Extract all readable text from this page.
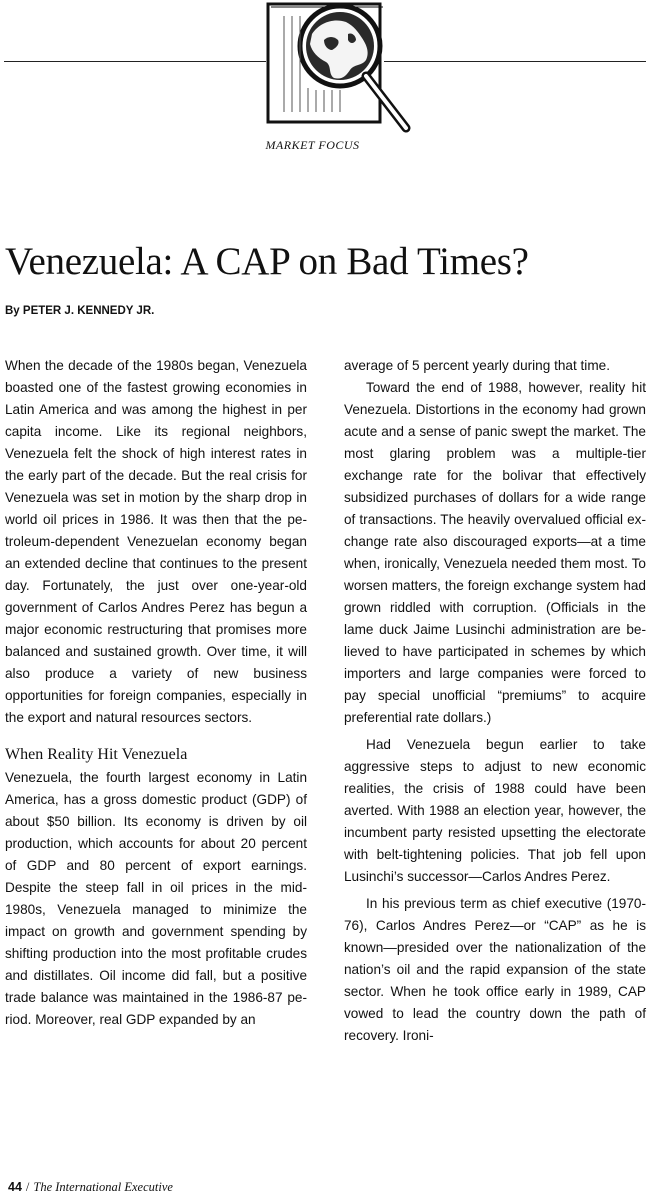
MARKET FOCUS
Venezuela: A CAP on Bad Times?
By PETER J. KENNEDY JR.

When the decade of the 1980s began, Venezuela boasted one of the fastest growing economies in Latin America and was among the highest in per capita income. Like its regional neighbors, Venezuela felt the shock of high interest rates in the early part of the decade. But the real crisis for Venezuela was set in motion by the sharp drop in world oil prices in 1986. It was then that the petroleum-dependent Venezuelan economy began an extended decline that continues to the present day. Fortunately, the just over one-year-old government of Carlos Andres Perez has begun a major economic restructuring that promises more balanced and sustained growth. Over time, it will also produce a variety of new business opportunities for foreign companies, especially in the export and natural resources sectors.

When Reality Hit Venezuela

Venezuela, the fourth largest economy in Latin America, has a gross domestic product (GDP) of about $50 billion. Its economy is driven by oil production, which accounts for about 20 percent of GDP and 80 percent of export earnings. Despite the steep fall in oil prices in the mid-1980s, Venezuela managed to minimize the impact on growth and government spending by shifting production into the most profitable crudes and distillates. Oil income did fall, but a positive trade balance was maintained in the 1986-87 period. Moreover, real GDP expanded by an

average of 5 percent yearly during that time.

Toward the end of 1988, however, reality hit Venezuela. Distortions in the economy had grown acute and a sense of panic swept the market. The most glaring problem was a multiple-tier exchange rate for the bolivar that effectively subsidized purchases of dollars for a wide range of transactions. The heavily overvalued official exchange rate also discouraged exports—at a time when, ironically, Venezuela needed them most. To worsen matters, the foreign exchange system had grown riddled with corruption. (Officials in the lame duck Jaime Lusinchi administration are believed to have participated in schemes by which importers and large companies were forced to pay special unofficial “premiums” to acquire preferential rate dollars.)

Had Venezuela begun earlier to take aggressive steps to adjust to new economic realities, the crisis of 1988 could have been averted. With 1988 an election year, however, the incumbent party resisted upsetting the electorate with belt-tightening policies. That job fell upon Lusinchi’s successor—Carlos Andres Perez.

In his previous term as chief executive (1970-76), Carlos Andres Perez—or “CAP” as he is known—presided over the nationalization of the nation’s oil and the rapid expansion of the state sector. When he took office early in 1989, CAP vowed to lead the country down the path of recovery. Ironi-

44 / The International Executive
